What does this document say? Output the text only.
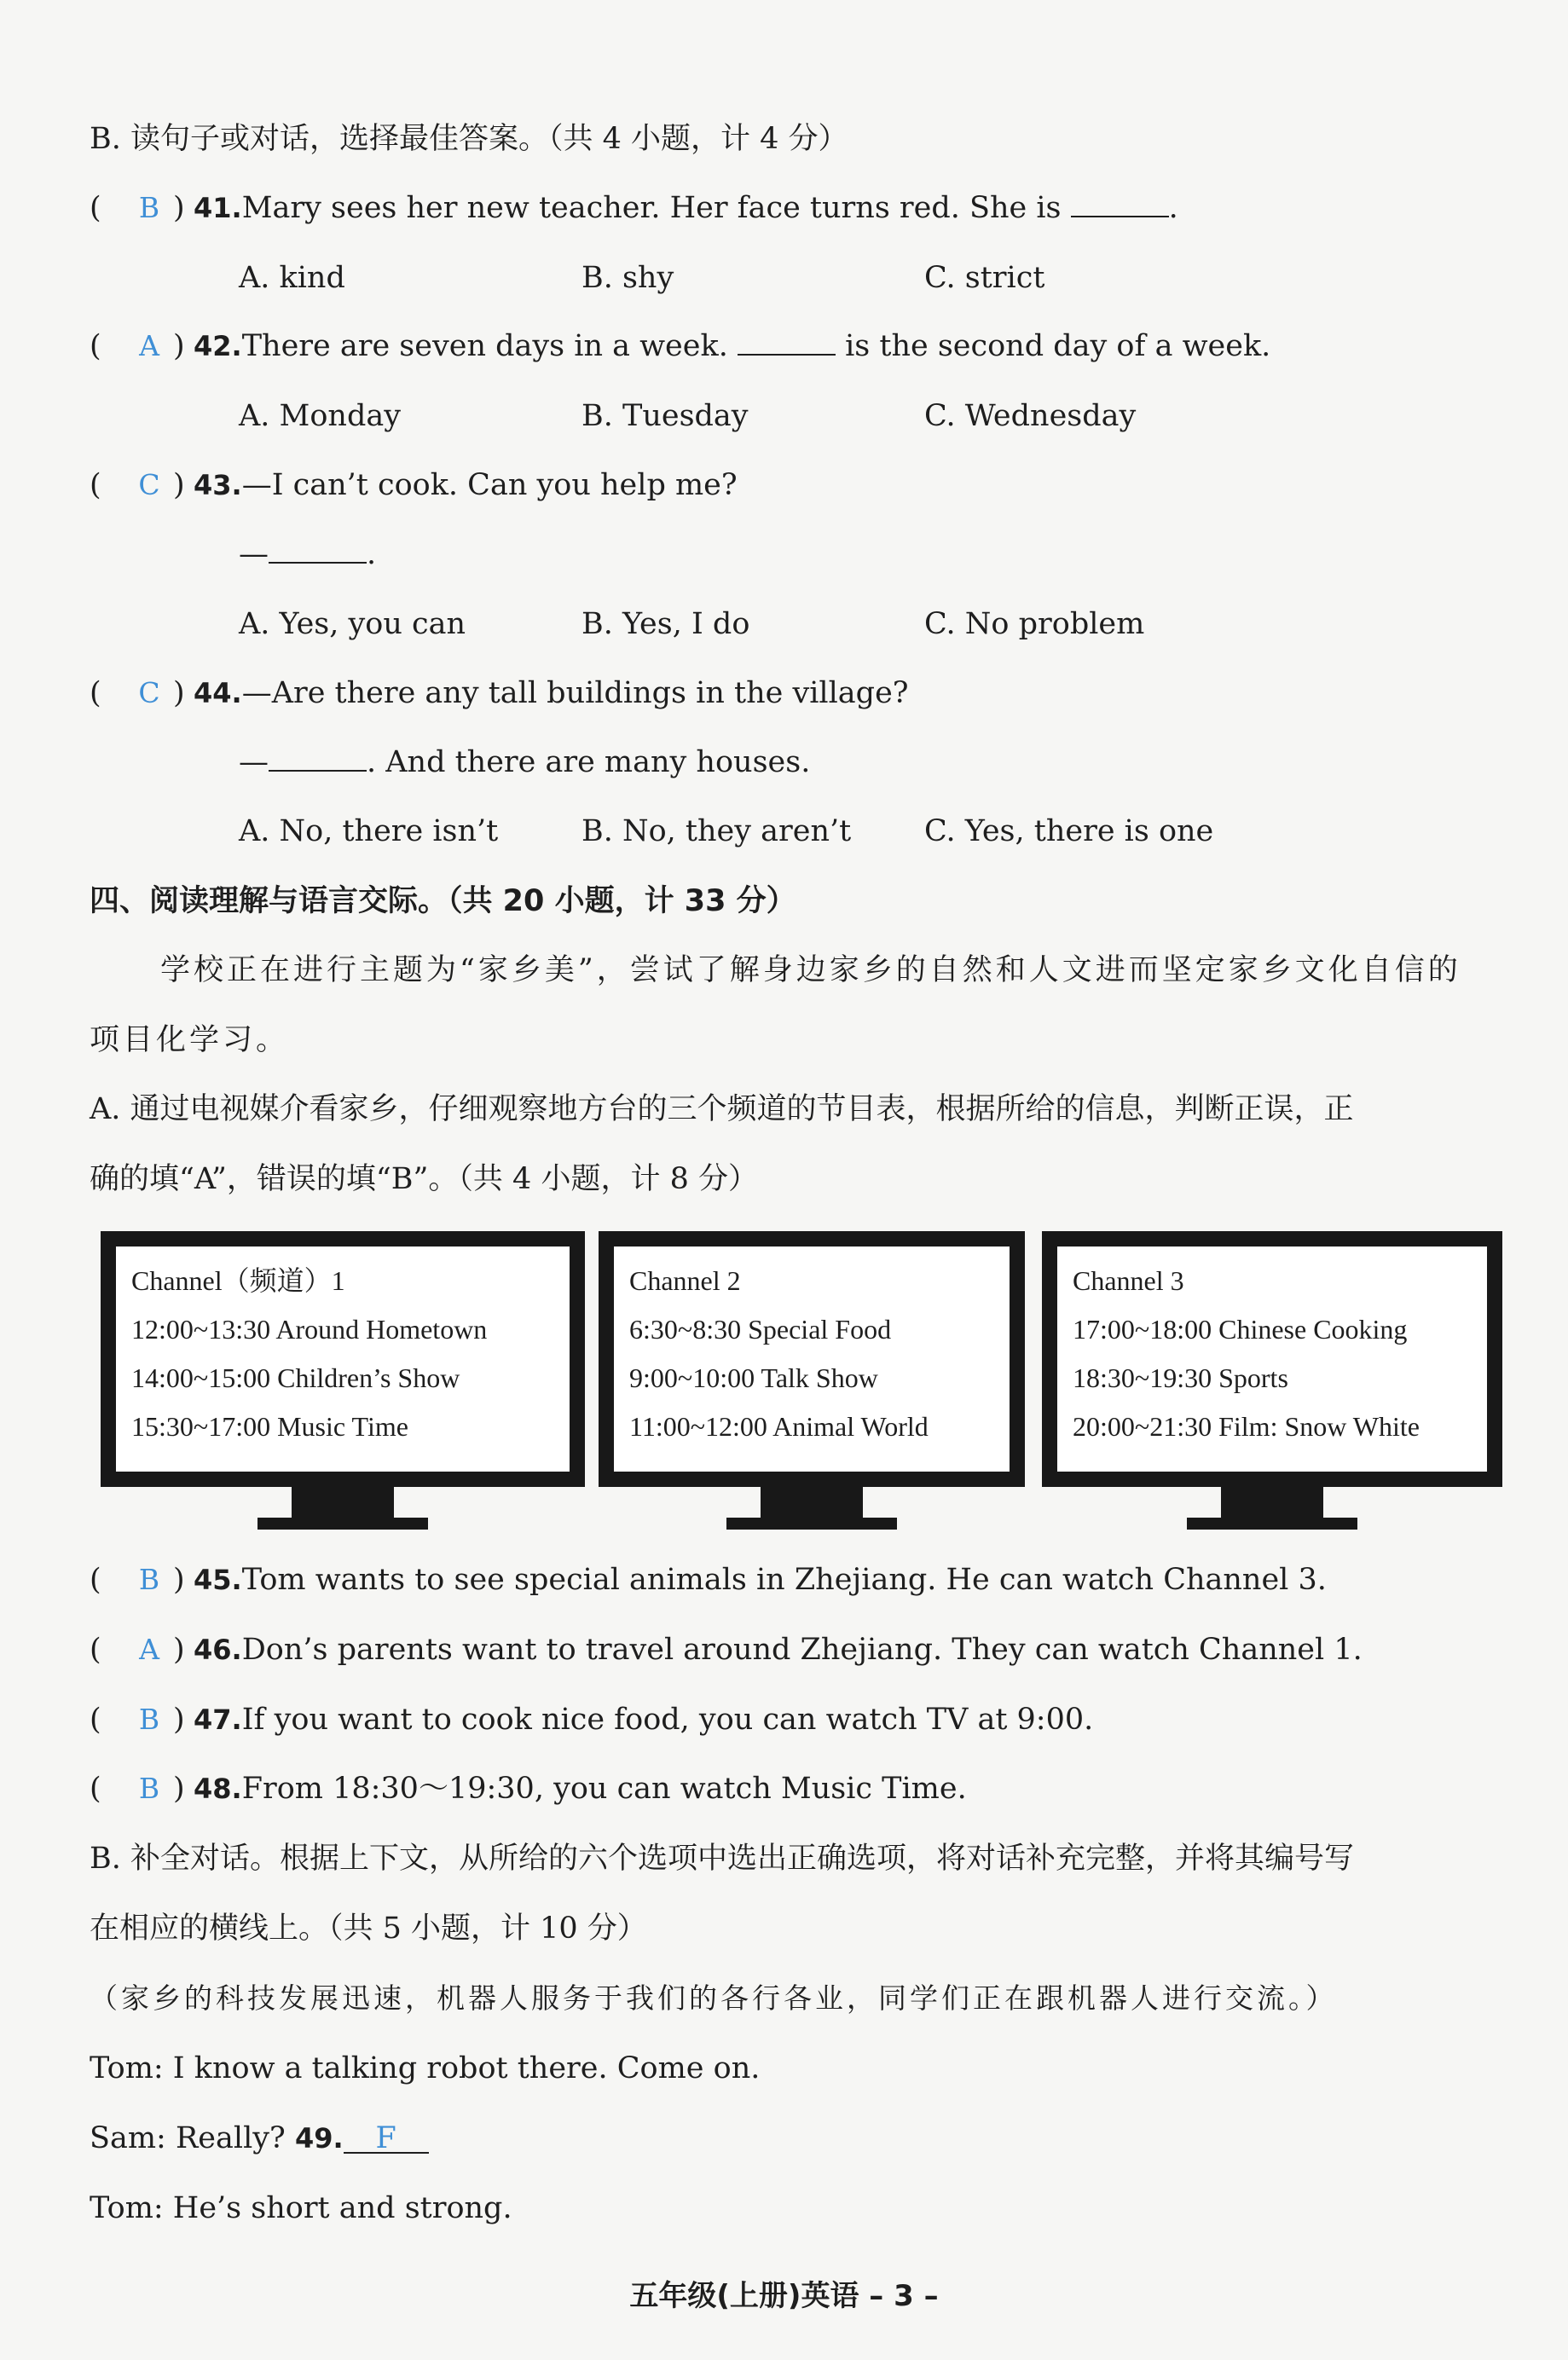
B. 读句子或对话，选择最佳答案。（共 4 小题，计 4 分）
(	B ) 41. Mary sees her new teacher. Her face turns red. She is
	.
A. kind	B. shy	C. strict
(	A ) 42. There are seven days in a week.

	is the second day of a week.
A. Monday	B. Tuesday	C. Wednesday
(	C ) 43. —I can’t cook. Can you help me?
—	.
A. Yes, you can	B. Yes, I do	C. No problem
(	C ) 44. —Are there any tall buildings in the village?
—	. And there are many houses.
A. No, there isn’t	B. No, they aren’t C. Yes, there is one
四、阅读理解与语言交际。（共 20 小题，计 33 分）
学校正在进行主题为“家乡美”，尝试了解身边家乡的自然和人文进而坚定家乡文化自信的
项目化学习。
A. 通过电视媒介看家乡，仔细观察地方台的三个频道的节目表，根据所给的信息，判断正误，正
确的填“A”，错误的填“B”。（共 4 小题，计 8 分）
Channel（频道）1
12:00~13:30 Around Hometown
14:00~15:00 Children’s Show
15:30~17:00 Music Time
Channel 2
6:30~8:30 Special Food
9:00~10:00 Talk Show
11:00~12:00 Animal World
Channel 3
17:00~18:00 Chinese Cooking
18:30~19:30 Sports
20:00~21:30 Film: Snow White
(	B ) 45. Tom wants to see special animals in Zhejiang. He can watch Channel 3.
(	A ) 46. Don’s parents want to travel around Zhejiang. They can watch Channel 1.
(	B ) 47. If you want to cook nice food, you can watch TV at 9:00.
(	B ) 48. From 18:30～19:30, you can watch Music Time.
B. 补全对话。根据上下文，从所给的六个选项中选出正确选项，将对话补充完整，并将其编号写
在相应的横线上。（共 5 小题，计 10 分）
（家乡的科技发展迅速，机器人服务于我们的各行各业，同学们正在跟机器人进行交流。）
Tom: I know a talking robot there. Come on.
Sam: Really? 49. F
Tom: He’s short and strong.
五年级(上册)英语 – 3 –
